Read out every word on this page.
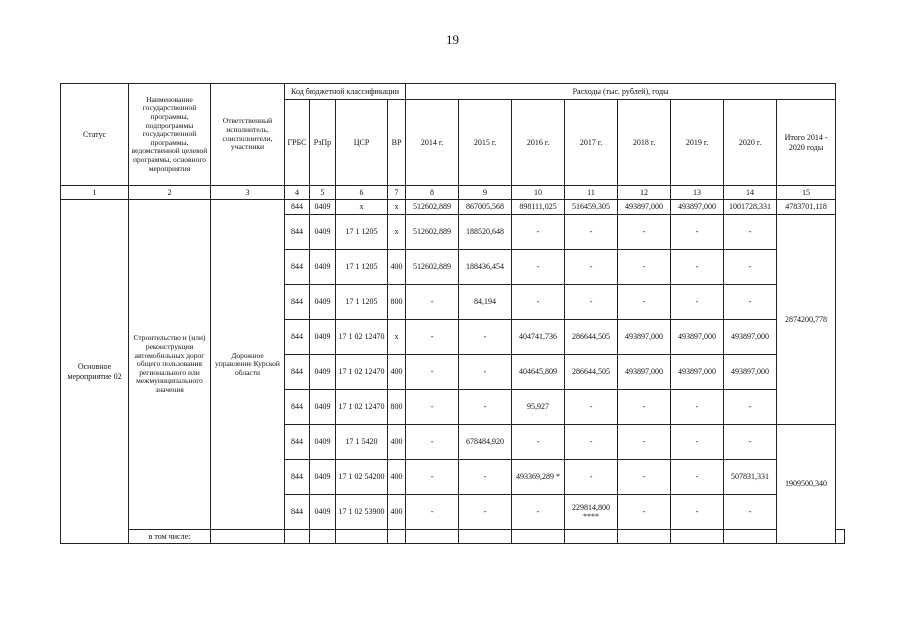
19
Статус	Наименование государственной программы, подпрограммы государственной программы, ведомственной целевой программы, основного мероприятия	Ответственный исполнитель, соисполнители, участники	Код бюджетной классификации				Расходы (тыс. рублей), годы								
			ГРБС	РзПр	ЦСР	ВР	2014 г.	2015 г.	2016 г.	2017 г.	2018 г.	2019 г.	2020 г.	Итого 2014 - 2020 годы	
1	2	3	4	5	6	7	8	9	10	11	12	13	14	15	
Основное мероприятие 02	Строительство и (или) реконструкция автомобильных дорог общего пользования регионального или межмуниципального значения	Дорожное управление Курской области	844	0409	х	х	512602,889	867005,568	898111,025	516459,305	493897,000	493897,000	1001728,331	4783701,118	
			844	0409	17 1 1205	х	512602,889	188520,648	-	-	-	-	-	2874200,778	
			844	0409	17 1 1205	400	512602,889	188436,454	-	-	-	-	-		
			844	0409	17 1 1205	800	-	84,194	-	-	-	-	-		
			844	0409	17 1 02 12470	х	-	-	404741,736	286644,505	493897,000	493897,000	493897,000		
			844	0409	17 1 02 12470	400	-	-	404645,809	286644,505	493897,000	493897,000	493897,000		
			844	0409	17 1 02 12470	800	-	-	95,927	-	-	-	-		
			844	0409	17 1 5420	400	-	678484,920	-	-	-	-	-	1909500,340	
			844	0409	17 1 02 54200	400	-	-	493369,289 *	-	-	-	507831,331		
			844	0409	17 1 02 53900	400	-	-	-	229814,800 ****	-	-	-		
	в том числе:														
